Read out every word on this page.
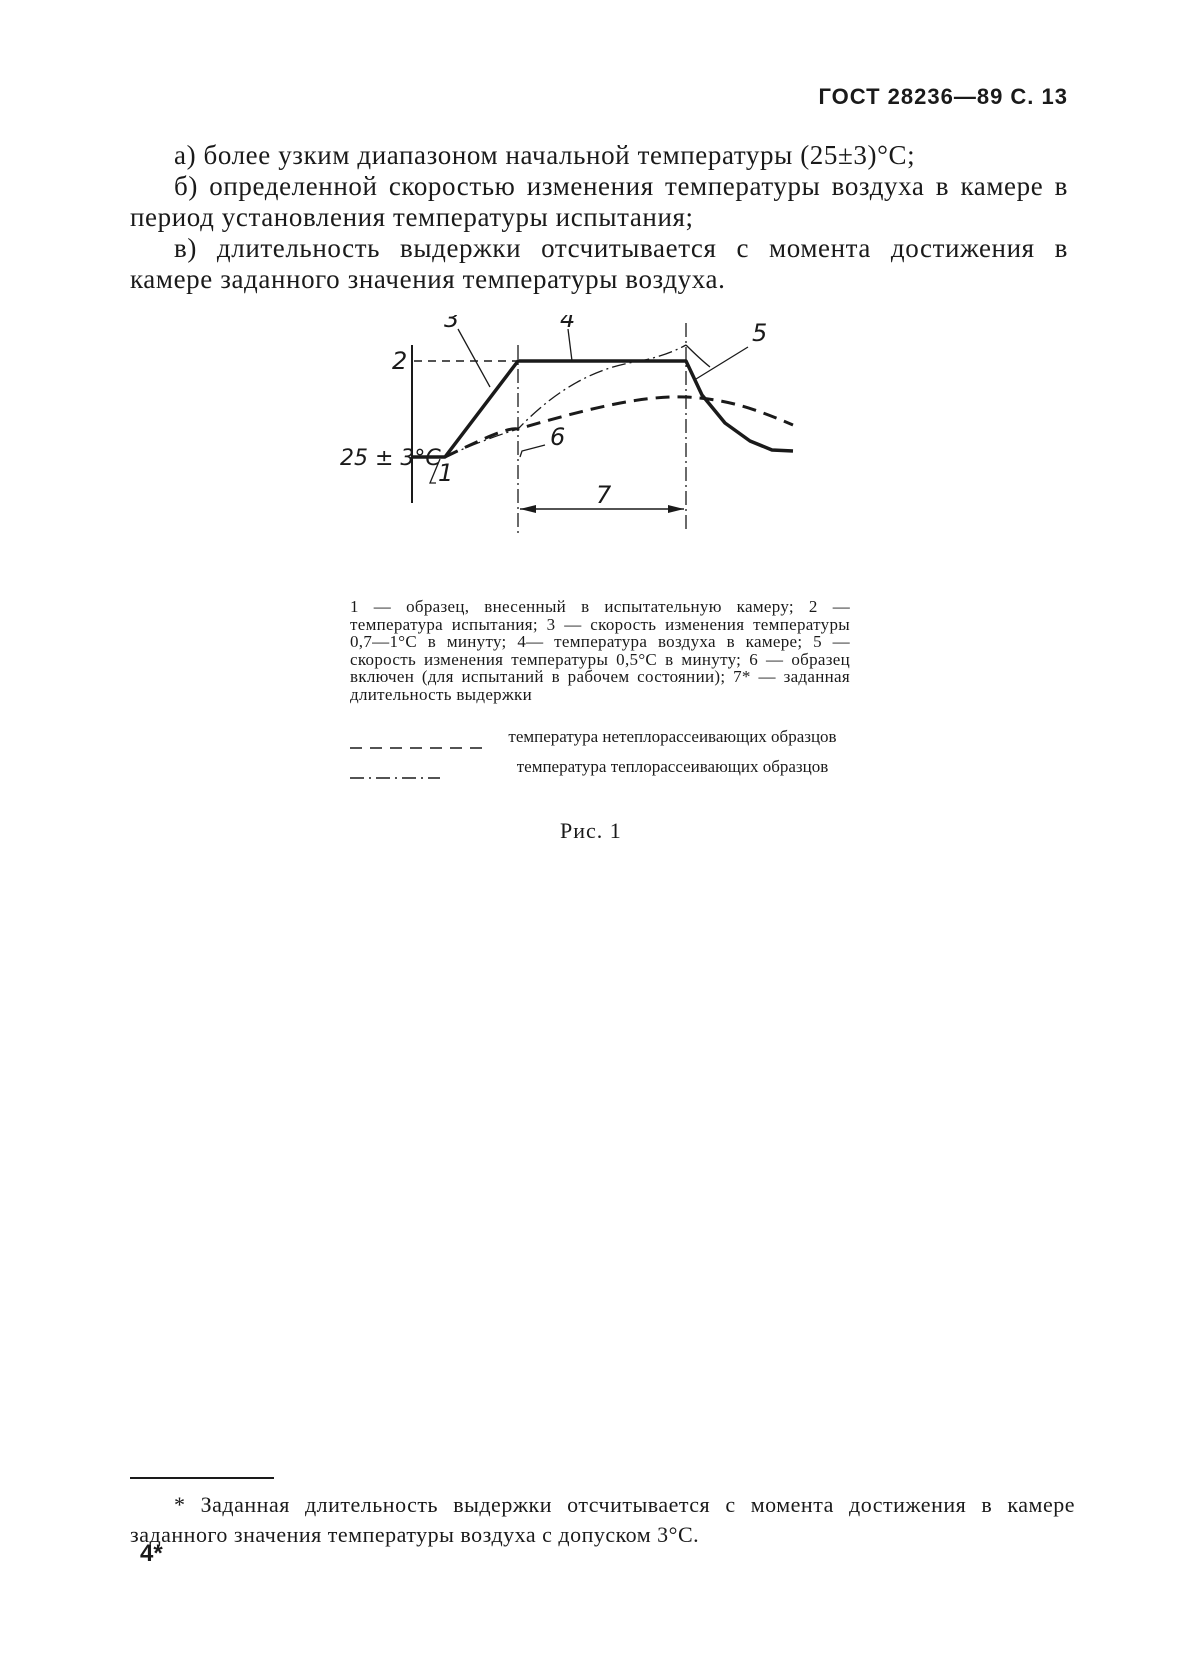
ГОСТ 28236—89 С. 13

а) более узким диапазоном начальной температуры (25±3)°С;

б) определенной скоростью изменения температуры воздуха в камере в период установления температуры испытания;

в) длительность выдержки отсчитывается с момента достижения в камере заданного значения температуры воздуха.

2
25 ± 3°С
1
3	4	5
6
7

1 — образец, внесенный в испытательную камеру; 2 — температура испытания; 3 — скорость изменения температуры 0,7—1°С в минуту; 4— температура воздуха в камере; 5 — скорость изменения температуры 0,5°С в минуту; 6 — образец включен (для испытаний в рабочем состоянии); 7* — заданная длительность выдержки

температура нетеплорассеивающих образцов
температура теплорассеивающих образцов
Рис. 1

* Заданная длительность выдержки отсчитывается с момента достижения в камере заданного значения температуры воздуха с допуском 3°С.

4*
